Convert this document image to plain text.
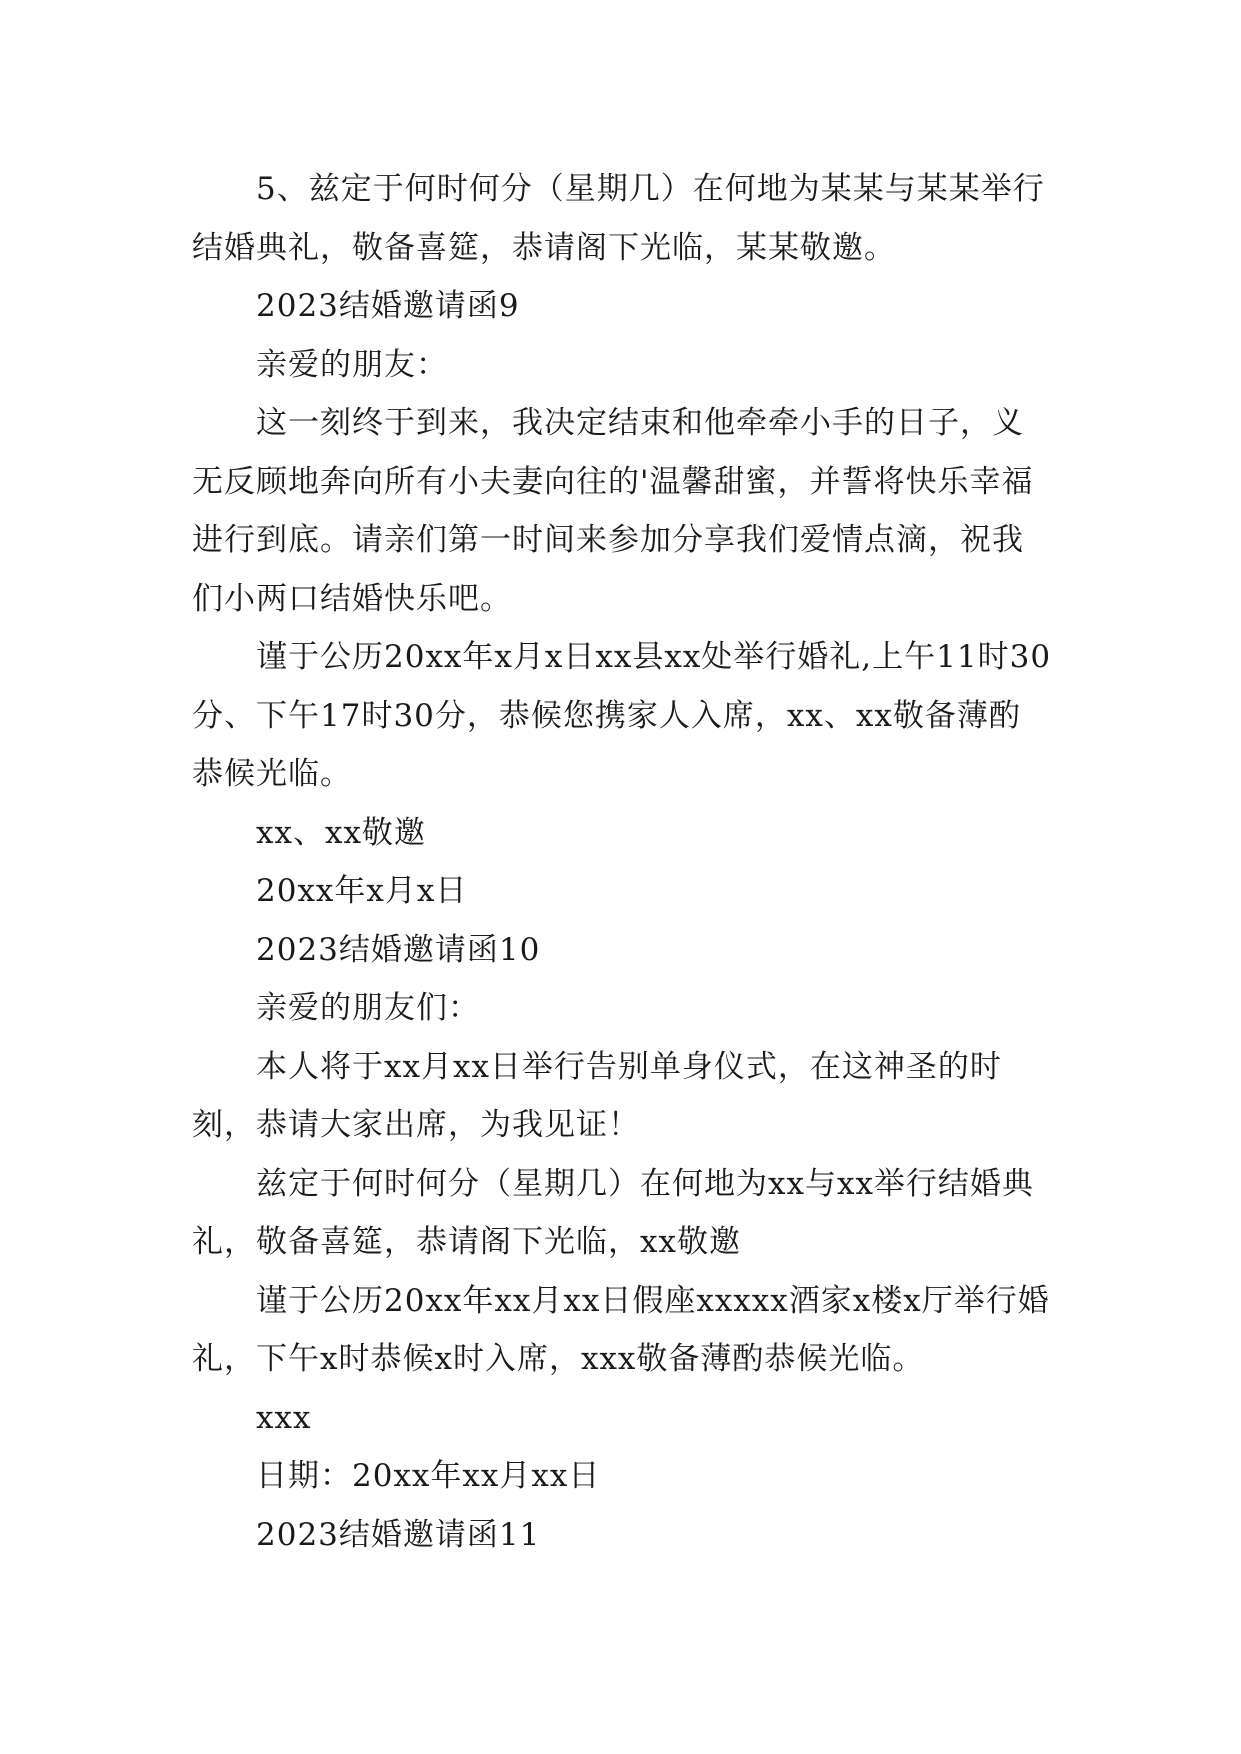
5、兹定于何时何分（星期几）在何地为某某与某某举行结婚典礼，敬备喜筵，恭请阁下光临，某某敬邀。

2023结婚邀请函9

亲爱的朋友：

这一刻终于到来，我决定结束和他牵牵小手的日子，义无反顾地奔向所有小夫妻向往的'温馨甜蜜，并誓将快乐幸福进行到底。请亲们第一时间来参加分享我们爱情点滴，祝我们小两口结婚快乐吧。

谨于公历20xx年x月x日xx县xx处举行婚礼,上午11时30分、下午17时30分，恭候您携家人入席，xx、xx敬备薄酌恭候光临。

xx、xx敬邀

20xx年x月x日

2023结婚邀请函10

亲爱的朋友们：

本人将于xx月xx日举行告别单身仪式，在这神圣的时刻，恭请大家出席，为我见证！

兹定于何时何分（星期几）在何地为xx与xx举行结婚典礼，敬备喜筵，恭请阁下光临，xx敬邀

谨于公历20xx年xx月xx日假座xxxxx酒家x楼x厅举行婚礼，下午x时恭候x时入席，xxx敬备薄酌恭候光临。

xxx

日期：20xx年xx月xx日

2023结婚邀请函11
